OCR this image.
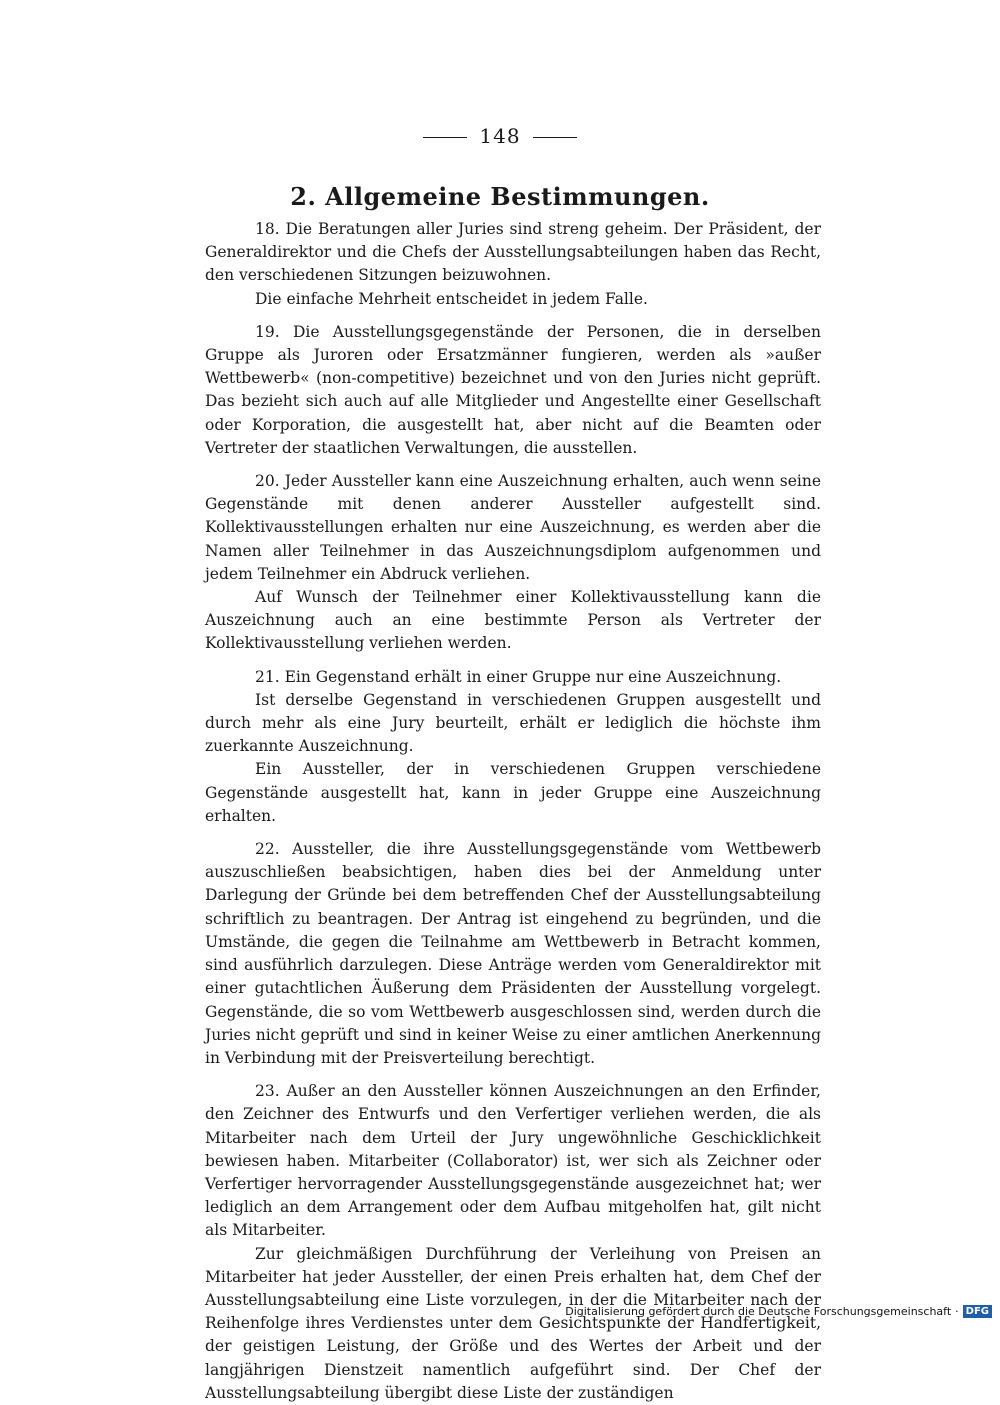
148
2. Allgemeine Bestimmungen.

18. Die Beratungen aller Juries sind streng geheim. Der Präsident, der Generaldirektor und die Chefs der Ausstellungsabteilungen haben das Recht, den verschiedenen Sitzungen beizuwohnen.

Die einfache Mehrheit entscheidet in jedem Falle.

19. Die Ausstellungsgegenstände der Personen, die in derselben Gruppe als Juroren oder Ersatzmänner fungieren, werden als »außer Wettbewerb« (non-competitive) bezeichnet und von den Juries nicht geprüft. Das bezieht sich auch auf alle Mitglieder und Angestellte einer Gesellschaft oder Korporation, die ausgestellt hat, aber nicht auf die Beamten oder Vertreter der staatlichen Verwaltungen, die ausstellen.

20. Jeder Aussteller kann eine Auszeichnung erhalten, auch wenn seine Gegenstände mit denen anderer Aussteller aufgestellt sind. Kollektivausstellungen erhalten nur eine Auszeichnung, es werden aber die Namen aller Teilnehmer in das Auszeichnungsdiplom aufgenommen und jedem Teilnehmer ein Abdruck verliehen.

Auf Wunsch der Teilnehmer einer Kollektivausstellung kann die Auszeichnung auch an eine bestimmte Person als Vertreter der Kollektivausstellung verliehen werden.

21. Ein Gegenstand erhält in einer Gruppe nur eine Auszeichnung.

Ist derselbe Gegenstand in verschiedenen Gruppen ausgestellt und durch mehr als eine Jury beurteilt, erhält er lediglich die höchste ihm zuerkannte Auszeichnung.

Ein Aussteller, der in verschiedenen Gruppen verschiedene Gegenstände ausgestellt hat, kann in jeder Gruppe eine Auszeichnung erhalten.

22. Aussteller, die ihre Ausstellungsgegenstände vom Wettbewerb auszuschließen beabsichtigen, haben dies bei der Anmeldung unter Darlegung der Gründe bei dem betreffenden Chef der Ausstellungsabteilung schriftlich zu beantragen. Der Antrag ist eingehend zu begründen, und die Umstände, die gegen die Teilnahme am Wettbewerb in Betracht kommen, sind ausführlich darzulegen. Diese Anträge werden vom Generaldirektor mit einer gutachtlichen Äußerung dem Präsidenten der Ausstellung vorgelegt. Gegenstände, die so vom Wettbewerb ausgeschlossen sind, werden durch die Juries nicht geprüft und sind in keiner Weise zu einer amtlichen Anerkennung in Verbindung mit der Preisverteilung berechtigt.

23. Außer an den Aussteller können Auszeichnungen an den Erfinder, den Zeichner des Entwurfs und den Verfertiger verliehen werden, die als Mitarbeiter nach dem Urteil der Jury ungewöhnliche Geschicklichkeit bewiesen haben. Mitarbeiter (Collaborator) ist, wer sich als Zeichner oder Verfertiger hervorragender Ausstellungsgegenstände ausgezeichnet hat; wer lediglich an dem Arrangement oder dem Aufbau mitgeholfen hat, gilt nicht als Mitarbeiter.

Zur gleichmäßigen Durchführung der Verleihung von Preisen an Mitarbeiter hat jeder Aussteller, der einen Preis erhalten hat, dem Chef der Ausstellungsabteilung eine Liste vorzulegen, in der die Mitarbeiter nach der Reihenfolge ihres Verdienstes unter dem Gesichtspunkte der Handfertigkeit, der geistigen Leistung, der Größe und des Wertes der Arbeit und der langjährigen Dienstzeit namentlich aufgeführt sind. Der Chef der Ausstellungsabteilung übergibt diese Liste der zuständigen

Digitalisierung gefördert durch die Deutsche Forschungsgemeinschaft · DFG
